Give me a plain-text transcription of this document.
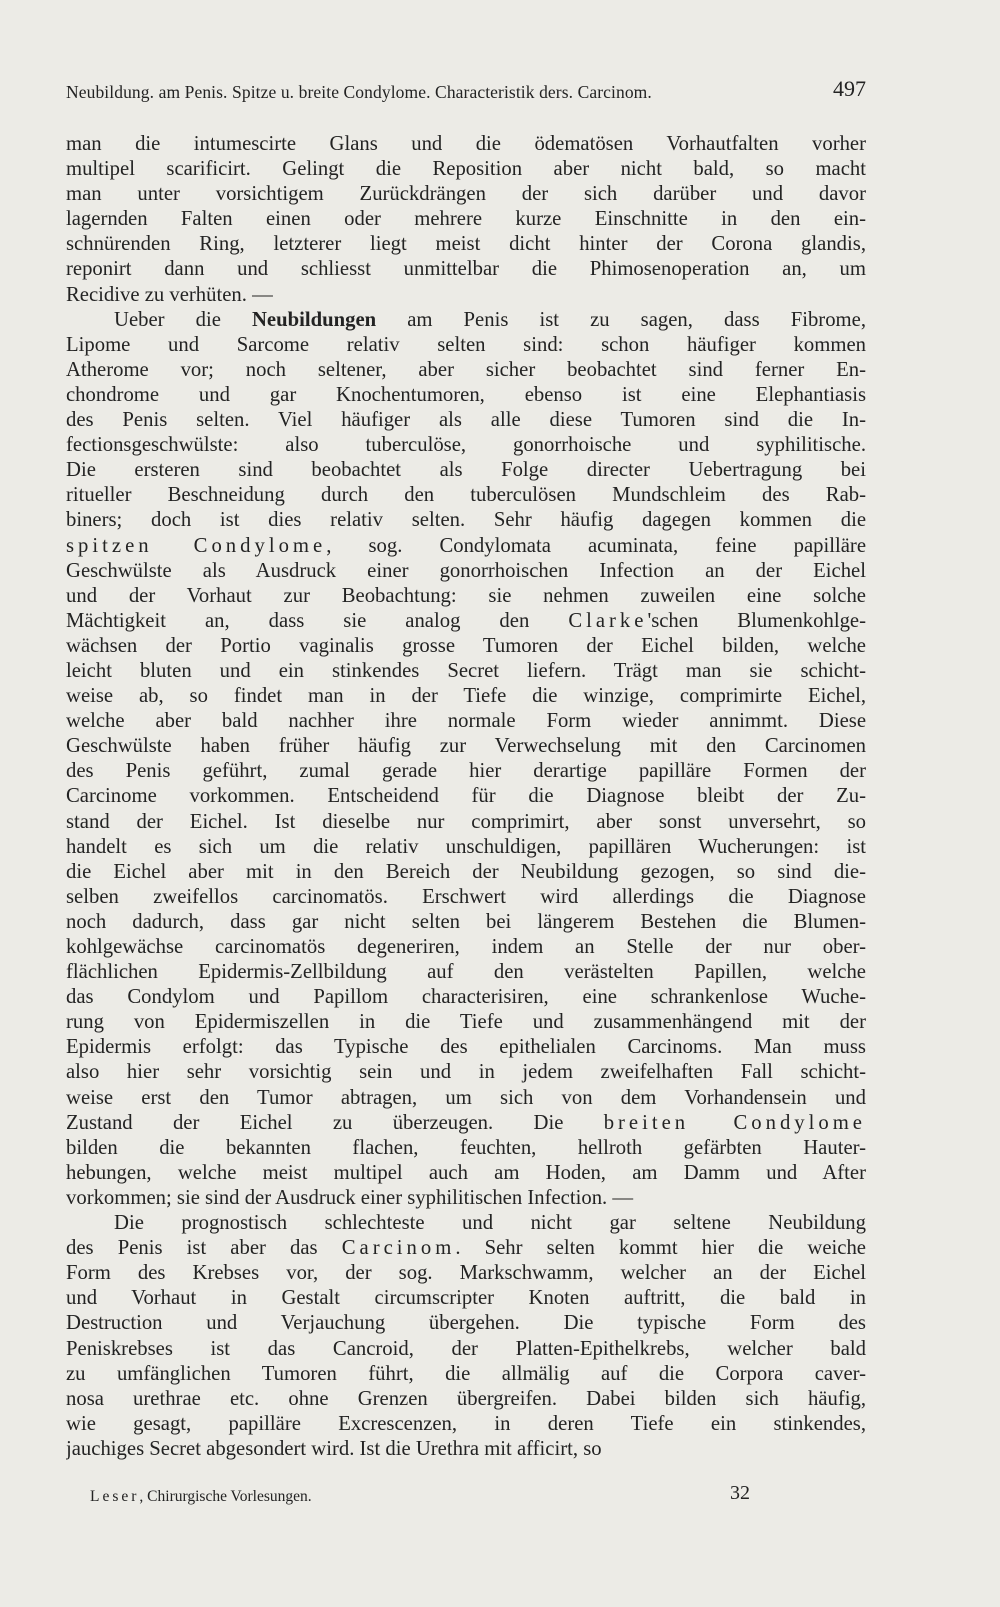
Neubildung. am Penis. Spitze u. breite Condylome. Characteristik ders. Carcinom.	497
man die intumescirte Glans und die ödematösen Vorhautfalten vorher
multipel scarificirt. Gelingt die Reposition aber nicht bald, so macht
man unter vorsichtigem Zurückdrängen der sich darüber und davor
lagernden Falten einen oder mehrere kurze Einschnitte in den ein-
schnürenden Ring, letzterer liegt meist dicht hinter der Corona glandis,
reponirt dann und schliesst unmittelbar die Phimosenoperation an, um
Recidive zu verhüten. —
Ueber die Neubildungen am Penis ist zu sagen, dass Fibrome,
Lipome und Sarcome relativ selten sind: schon häufiger kommen
Atherome vor; noch seltener, aber sicher beobachtet sind ferner En-
chondrome und gar Knochentumoren, ebenso ist eine Elephantiasis
des Penis selten. Viel häufiger als alle diese Tumoren sind die In-
fectionsgeschwülste: also tuberculöse, gonorrhoische und syphilitische.
Die ersteren sind beobachtet als Folge directer Uebertragung bei
ritueller Beschneidung durch den tuberculösen Mundschleim des Rab-
biners; doch ist dies relativ selten. Sehr häufig dagegen kommen die
spitzen Condylome, sog. Condylomata acuminata, feine papilläre
Geschwülste als Ausdruck einer gonorrhoischen Infection an der Eichel
und der Vorhaut zur Beobachtung: sie nehmen zuweilen eine solche
Mächtigkeit an, dass sie analog den Clarke'schen Blumenkohlge-
wächsen der Portio vaginalis grosse Tumoren der Eichel bilden, welche
leicht bluten und ein stinkendes Secret liefern. Trägt man sie schicht-
weise ab, so findet man in der Tiefe die winzige, comprimirte Eichel,
welche aber bald nachher ihre normale Form wieder annimmt. Diese
Geschwülste haben früher häufig zur Verwechselung mit den Carcinomen
des Penis geführt, zumal gerade hier derartige papilläre Formen der
Carcinome vorkommen. Entscheidend für die Diagnose bleibt der Zu-
stand der Eichel. Ist dieselbe nur comprimirt, aber sonst unversehrt, so
handelt es sich um die relativ unschuldigen, papillären Wucherungen: ist
die Eichel aber mit in den Bereich der Neubildung gezogen, so sind die-
selben zweifellos carcinomatös. Erschwert wird allerdings die Diagnose
noch dadurch, dass gar nicht selten bei längerem Bestehen die Blumen-
kohlgewächse carcinomatös degeneriren, indem an Stelle der nur ober-
flächlichen Epidermis-Zellbildung auf den verästelten Papillen, welche
das Condylom und Papillom characterisiren, eine schrankenlose Wuche-
rung von Epidermiszellen in die Tiefe und zusammenhängend mit der
Epidermis erfolgt: das Typische des epithelialen Carcinoms. Man muss
also hier sehr vorsichtig sein und in jedem zweifelhaften Fall schicht-
weise erst den Tumor abtragen, um sich von dem Vorhandensein und
Zustand der Eichel zu überzeugen. Die breiten Condylome
bilden die bekannten flachen, feuchten, hellroth gefärbten Hauter-
hebungen, welche meist multipel auch am Hoden, am Damm und After
vorkommen; sie sind der Ausdruck einer syphilitischen Infection. —
Die prognostisch schlechteste und nicht gar seltene Neubildung
des Penis ist aber das Carcinom. Sehr selten kommt hier die weiche
Form des Krebses vor, der sog. Markschwamm, welcher an der Eichel
und Vorhaut in Gestalt circumscripter Knoten auftritt, die bald in
Destruction und Verjauchung übergehen. Die typische Form des
Peniskrebses ist das Cancroid, der Platten-Epithelkrebs, welcher bald
zu umfänglichen Tumoren führt, die allmälig auf die Corpora caver-
nosa urethrae etc. ohne Grenzen übergreifen. Dabei bilden sich häufig,
wie gesagt, papilläre Excrescenzen, in deren Tiefe ein stinkendes,
jauchiges Secret abgesondert wird. Ist die Urethra mit afficirt, so
Leser, Chirurgische Vorlesungen.	32
